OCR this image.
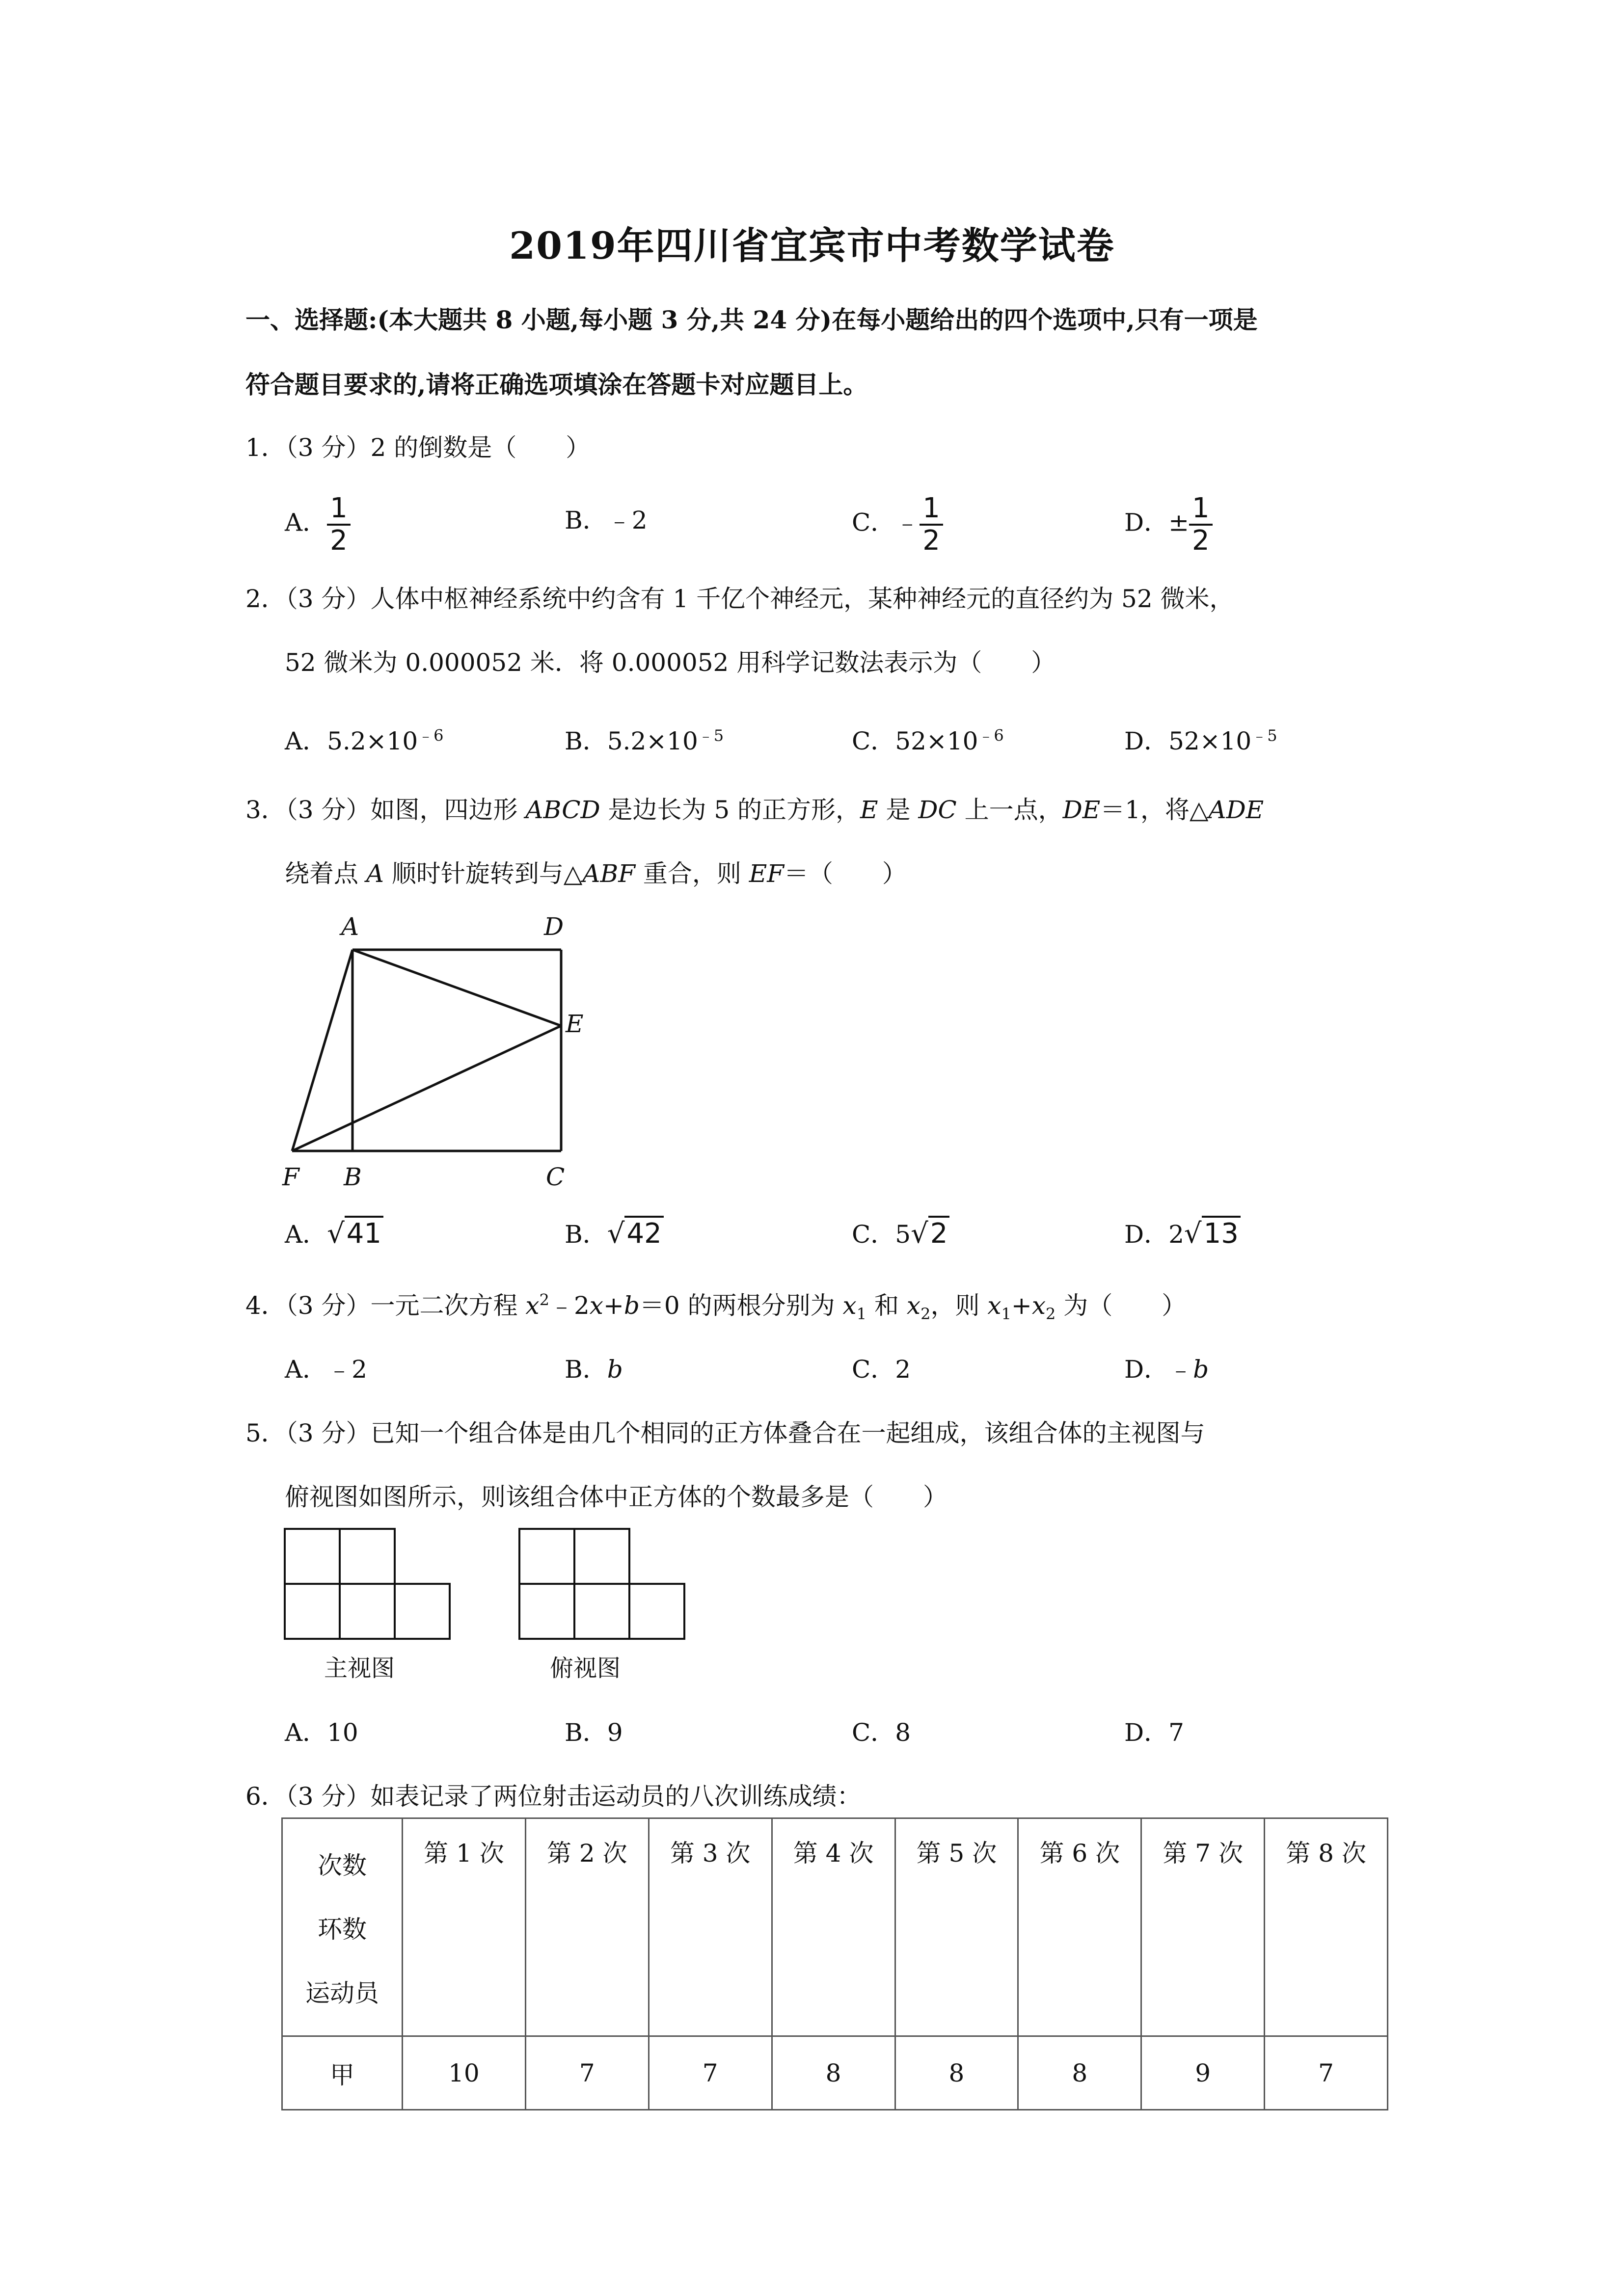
2019年四川省宜宾市中考数学试卷
一、选择题:(本大题共 8 小题,每小题 3 分,共 24 分)在每小题给出的四个选项中,只有一项是
符合题目要求的,请将正确选项填涂在答题卡对应题目上。
1．（3 分）2 的倒数是（　　）
A． $\frac{1}{2}$	B．﹣2	C．﹣ $\frac{1}{2}$	D．± $\frac{1}{2}$
2．（3 分）人体中枢神经系统中约含有 1 千亿个神经元，某种神经元的直径约为 52 微米，
52 微米为 0.000052 米．将 0.000052 用科学记数法表示为（　　）
A．$5.2\times 10^{﹣6}$	B．$5.2\times 10^{﹣5}$	C．$52\times 10^{﹣6}$	D．$52\times 10^{﹣5}$
3．（3 分）如图，四边形 ABCD 是边长为 5 的正方形，E 是 DC 上一点，DE＝1，将△ADE
绕着点 A 顺时针旋转到与△ABF 重合，则 EF＝（　　）
A	D
E
F B	C
A．√41	B．√42	C．5√2	D．2√13
4．（3 分）一元二次方程 $x^2﹣2x+b=0$ 的两根分别为 $x_1$ 和 $x_2$，则 $x_1+x_2$ 为（　　）
A．﹣2	B．b	C．2	D．﹣b
5．（3 分）已知一个组合体是由几个相同的正方体叠合在一起组成，该组合体的主视图与
俯视图如图所示，则该组合体中正方体的个数最多是（　　）
主视图	俯视图
A．10	B．9	C．8	D．7
6．（3 分）如表记录了两位射击运动员的八次训练成绩：
次数
环数
运动员	第 1 次	第 2 次	第 3 次	第 4 次	第 5 次	第 6 次	第 7 次	第 8 次
甲	10	7	7	8	8	8	9	7
